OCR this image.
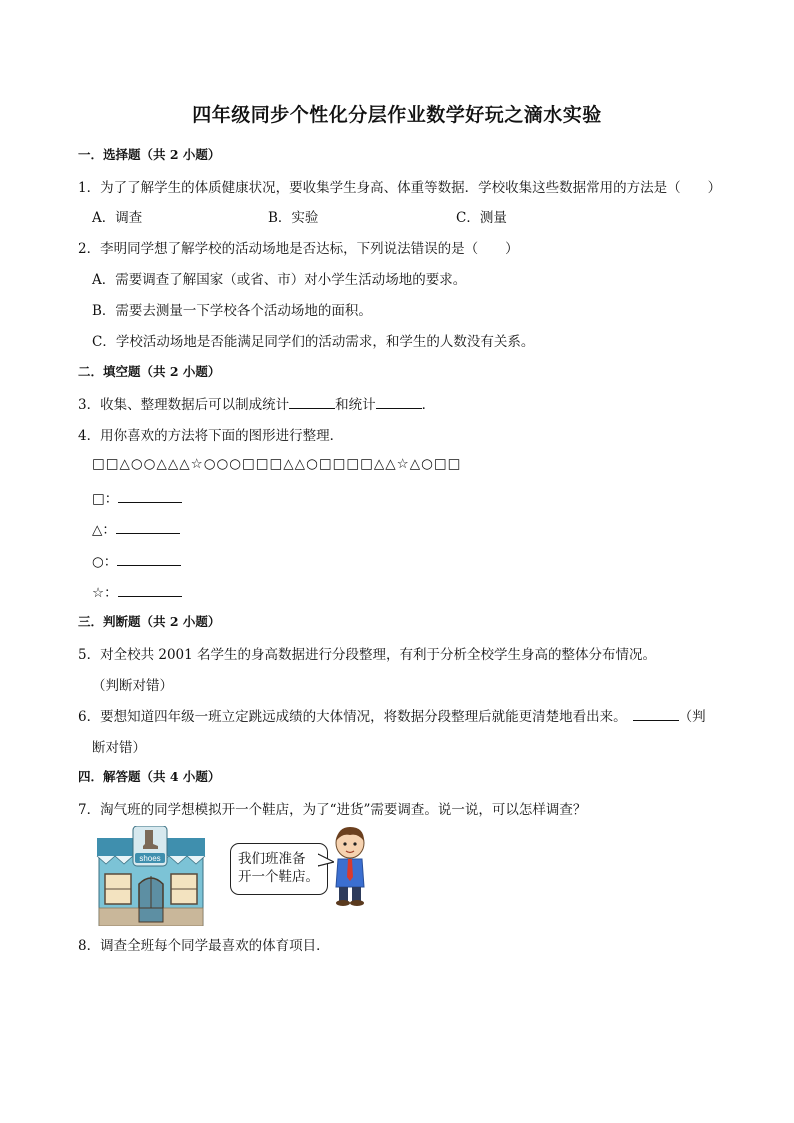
四年级同步个性化分层作业数学好玩之滴水实验
一．选择题（共 2 小题）
1．为了了解学生的体质健康状况，要收集学生身高、体重等数据．学校收集这些数据常用的方法是（　　）
A．调查	B．实验	C．测量
2．李明同学想了解学校的活动场地是否达标，下列说法错误的是（　　）
A．需要调查了解国家（或省、市）对小学生活动场地的要求。
B．需要去测量一下学校各个活动场地的面积。
C．学校活动场地是否能满足同学们的活动需求，和学生的人数没有关系。
二．填空题（共 2 小题）
3．收集、整理数据后可以制成统计	和统计	．
4．用你喜欢的方法将下面的图形进行整理．
□□△○○△△△☆○○○□□□△△○□□□□△△☆△○□□
□：
△：
○：
☆：
三．判断题（共 2 小题）
5．对全校共 2001 名学生的身高数据进行分段整理，有利于分析全校学生身高的整体分布情况。
（判断对错）
6．要想知道四年级一班立定跳远成绩的大体情况，将数据分段整理后就能更清楚地看出来。	（判
断对错）
四．解答题（共 4 小题）
7．淘气班的同学想模拟开一个鞋店，为了“进货”需要调查。说一说，可以怎样调查？
shoes	我们班准备
开一个鞋店。
8．调查全班每个同学最喜欢的体育项目．
